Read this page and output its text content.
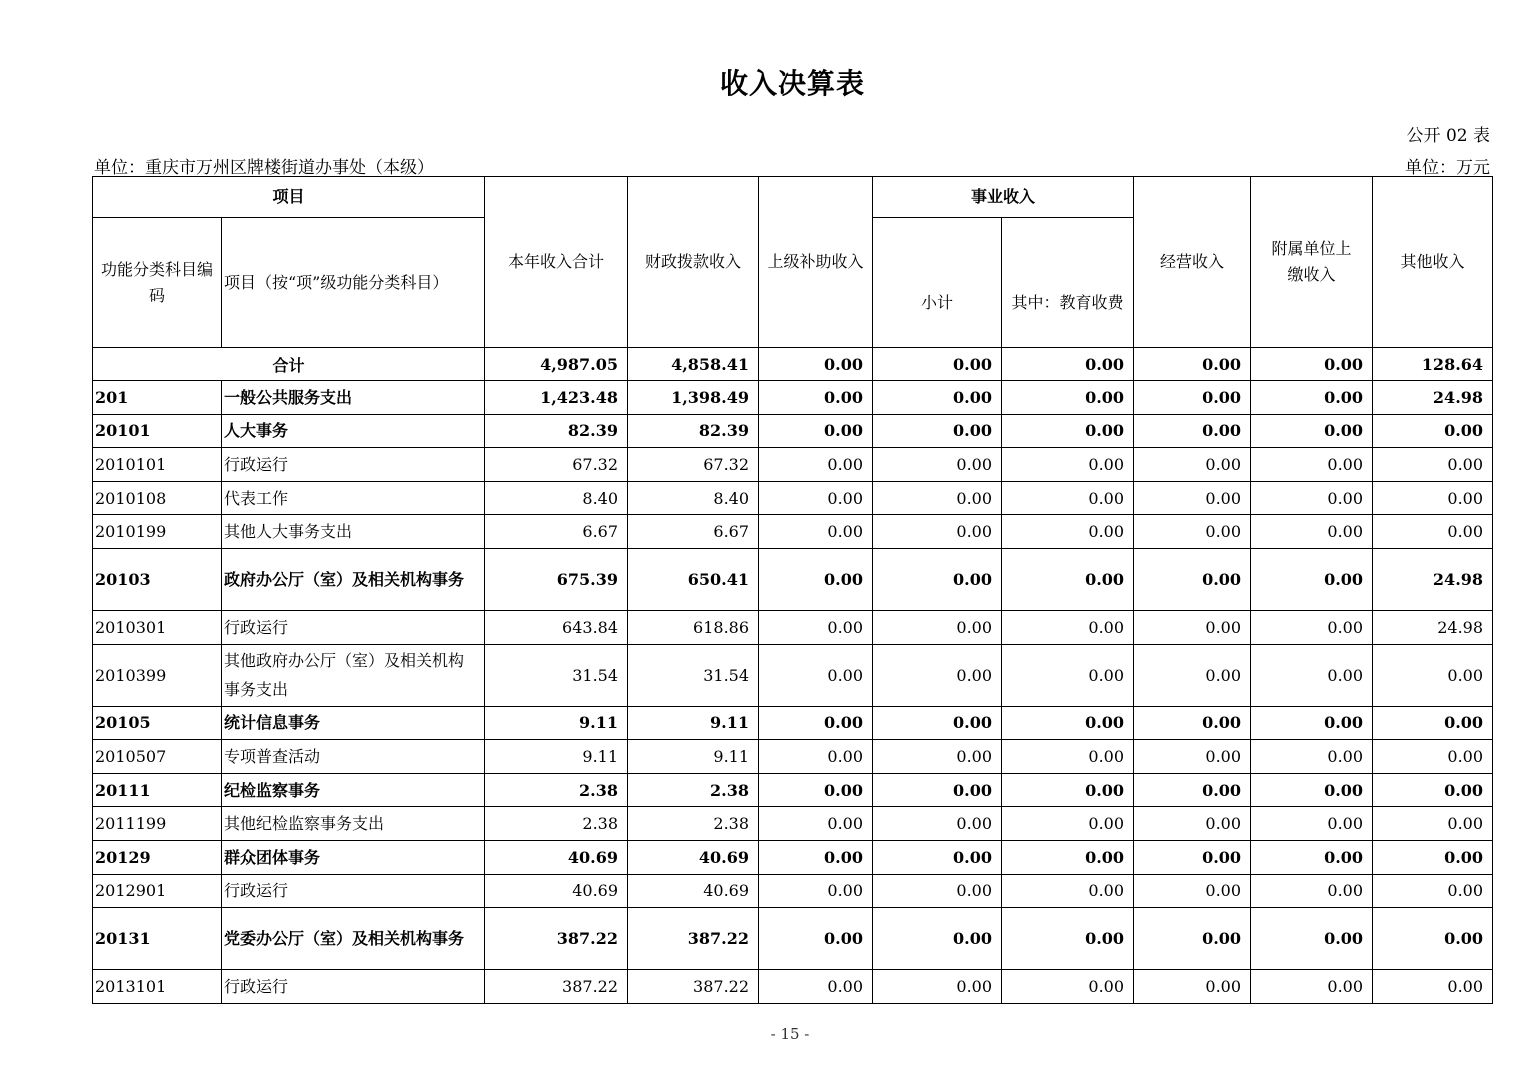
收入决算表
公开 02 表
单位：重庆市万州区牌楼街道办事处（本级）	单位：万元
项目		本年收入合计	财政拨款收入	上级补助收入	事业收入		经营收入	附属单位上缴收入	其他收入
功能分类科目编码	项目（按“项”级功能分类科目）				小计	其中：教育收费			
合计		4,987.05	4,858.41	0.00	0.00	0.00	0.00	0.00	128.64
201	一般公共服务支出	1,423.48	1,398.49	0.00	0.00	0.00	0.00	0.00	24.98
20101	人大事务	82.39	82.39	0.00	0.00	0.00	0.00	0.00	0.00
2010101	行政运行	67.32	67.32	0.00	0.00	0.00	0.00	0.00	0.00
2010108	代表工作	8.40	8.40	0.00	0.00	0.00	0.00	0.00	0.00
2010199	其他人大事务支出	6.67	6.67	0.00	0.00	0.00	0.00	0.00	0.00
20103	政府办公厅（室）及相关机构事务	675.39	650.41	0.00	0.00	0.00	0.00	0.00	24.98
2010301	行政运行	643.84	618.86	0.00	0.00	0.00	0.00	0.00	24.98
2010399	其他政府办公厅（室）及相关机构事务支出	31.54	31.54	0.00	0.00	0.00	0.00	0.00	0.00
20105	统计信息事务	9.11	9.11	0.00	0.00	0.00	0.00	0.00	0.00
2010507	专项普查活动	9.11	9.11	0.00	0.00	0.00	0.00	0.00	0.00
20111	纪检监察事务	2.38	2.38	0.00	0.00	0.00	0.00	0.00	0.00
2011199	其他纪检监察事务支出	2.38	2.38	0.00	0.00	0.00	0.00	0.00	0.00
20129	群众团体事务	40.69	40.69	0.00	0.00	0.00	0.00	0.00	0.00
2012901	行政运行	40.69	40.69	0.00	0.00	0.00	0.00	0.00	0.00
20131	党委办公厅（室）及相关机构事务	387.22	387.22	0.00	0.00	0.00	0.00	0.00	0.00
2013101	行政运行	387.22	387.22	0.00	0.00	0.00	0.00	0.00	0.00
- 15 -
